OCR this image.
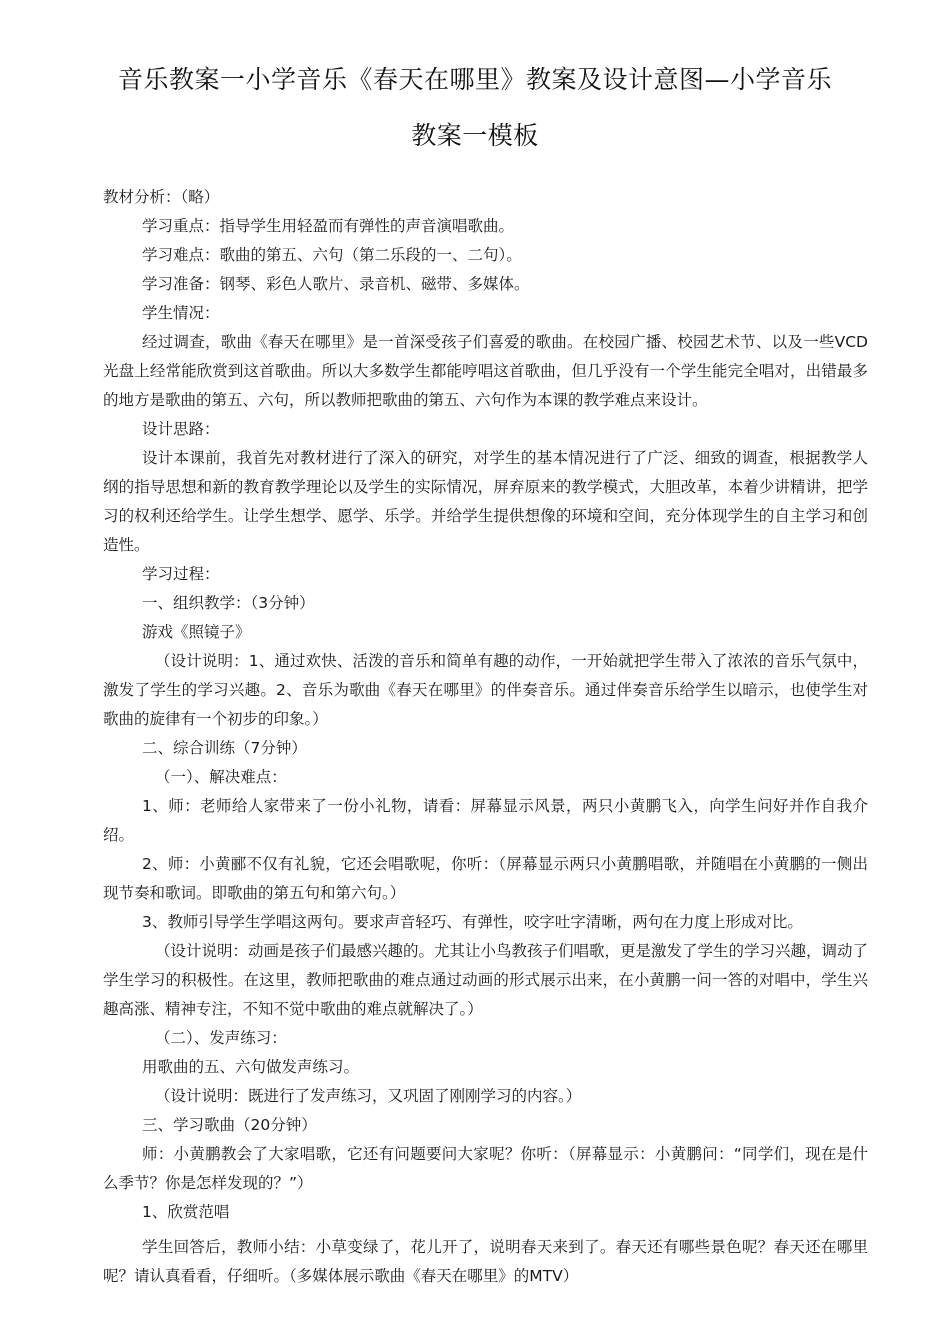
音乐教案一小学音乐《春天在哪里》教案及设计意图—小学音乐
教案一模板

教材分析：（略）

学习重点：指导学生用轻盈而有弹性的声音演唱歌曲。

学习难点：歌曲的第五、六句（第二乐段的一、二句）。

学习准备：钢琴、彩色人歌片、录音机、磁带、多媒体。

学生情况：

经过调查，歌曲《春天在哪里》是一首深受孩子们喜爱的歌曲。在校园广播、校园艺术节、以及一些VCD光盘上经常能欣赏到这首歌曲。所以大多数学生都能哼唱这首歌曲，但几乎没有一个学生能完全唱对，出错最多的地方是歌曲的第五、六句，所以教师把歌曲的第五、六句作为本课的教学难点来设计。

设计思路：

设计本课前，我首先对教材进行了深入的研究，对学生的基本情况进行了广泛、细致的调查，根据教学人纲的指导思想和新的教育教学理论以及学生的实际情况，屏弃原来的教学模式，大胆改革，本着少讲精讲，把学习的权利还给学生。让学生想学、愿学、乐学。并给学生提供想像的环境和空间，充分体现学生的自主学习和创造性。

学习过程：

一、组织教学：（3分钟）

游戏《照镜子》

（设计说明：1、通过欢快、活泼的音乐和简单有趣的动作，一开始就把学生带入了浓浓的音乐气氛中，激发了学生的学习兴趣。2、音乐为歌曲《春天在哪里》的伴奏音乐。通过伴奏音乐给学生以暗示，也使学生对歌曲的旋律有一个初步的印象。）

二、综合训练（7分钟）

（一）、解决难点：

1、师：老师给人家带来了一份小礼物，请看：屏幕显示风景，两只小黄鹏飞入，向学生问好并作自我介绍。

2、师：小黄郦不仅有礼貌，它还会唱歌呢，你听：（屏幕显示两只小黄鹏唱歌，并随唱在小黄鹏的一侧出现节奏和歌词。即歌曲的第五句和第六句。）

3、教师引导学生学唱这两句。要求声音轻巧、有弹性，咬字吐字清晰，两句在力度上形成对比。

（设计说明：动画是孩子们最感兴趣的。尤其让小鸟教孩子们唱歌，更是激发了学生的学习兴趣，调动了学生学习的积极性。在这里，教师把歌曲的难点通过动画的形式展示出来，在小黄鹏一问一答的对唱中，学生兴趣高涨、精神专注，不知不觉中歌曲的难点就解决了。）

（二）、发声练习：

用歌曲的五、六句做发声练习。

（设计说明：既进行了发声练习，又巩固了刚刚学习的内容。）

三、学习歌曲（20分钟）

师：小黄鹏教会了大家唱歌，它还有问题要问大家呢？你听：（屏幕显示：小黄鹏问：“同学们，现在是什么季节？你是怎样发现的？”）

1、欣赏范唱

学生回答后，教师小结：小草变绿了，花儿开了，说明春天来到了。春天还有哪些景色呢？春天还在哪里呢？请认真看看，仔细听。（多媒体展示歌曲《春天在哪里》的MTV）
